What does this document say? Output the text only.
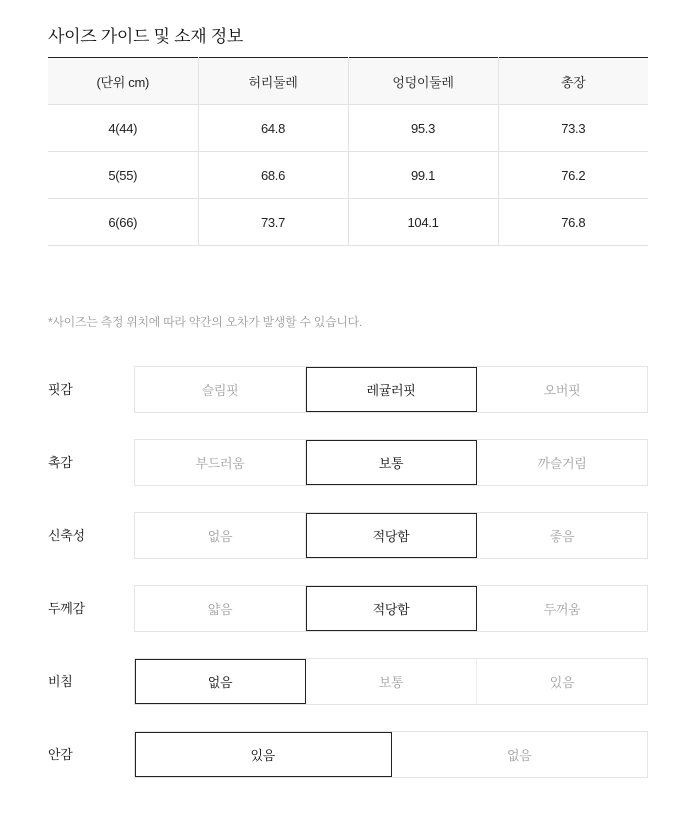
사이즈 가이드 및 소재 정보
(단위 cm)	허리둘레	엉덩이둘레	총장
4(44)	64.8	95.3	73.3
5(55)	68.6	99.1	76.2
6(66)	73.7	104.1	76.8

*사이즈는 측정 위치에 따라 약간의 오차가 발생할 수 있습니다.

핏감	슬림핏	레귤러핏	오버핏
촉감	부드러움	보통	까슬거림
신축성	없음	적당함	좋음
두께감	얇음	적당함	두꺼움
비침	없음	보통	있음
안감	있음	없음
